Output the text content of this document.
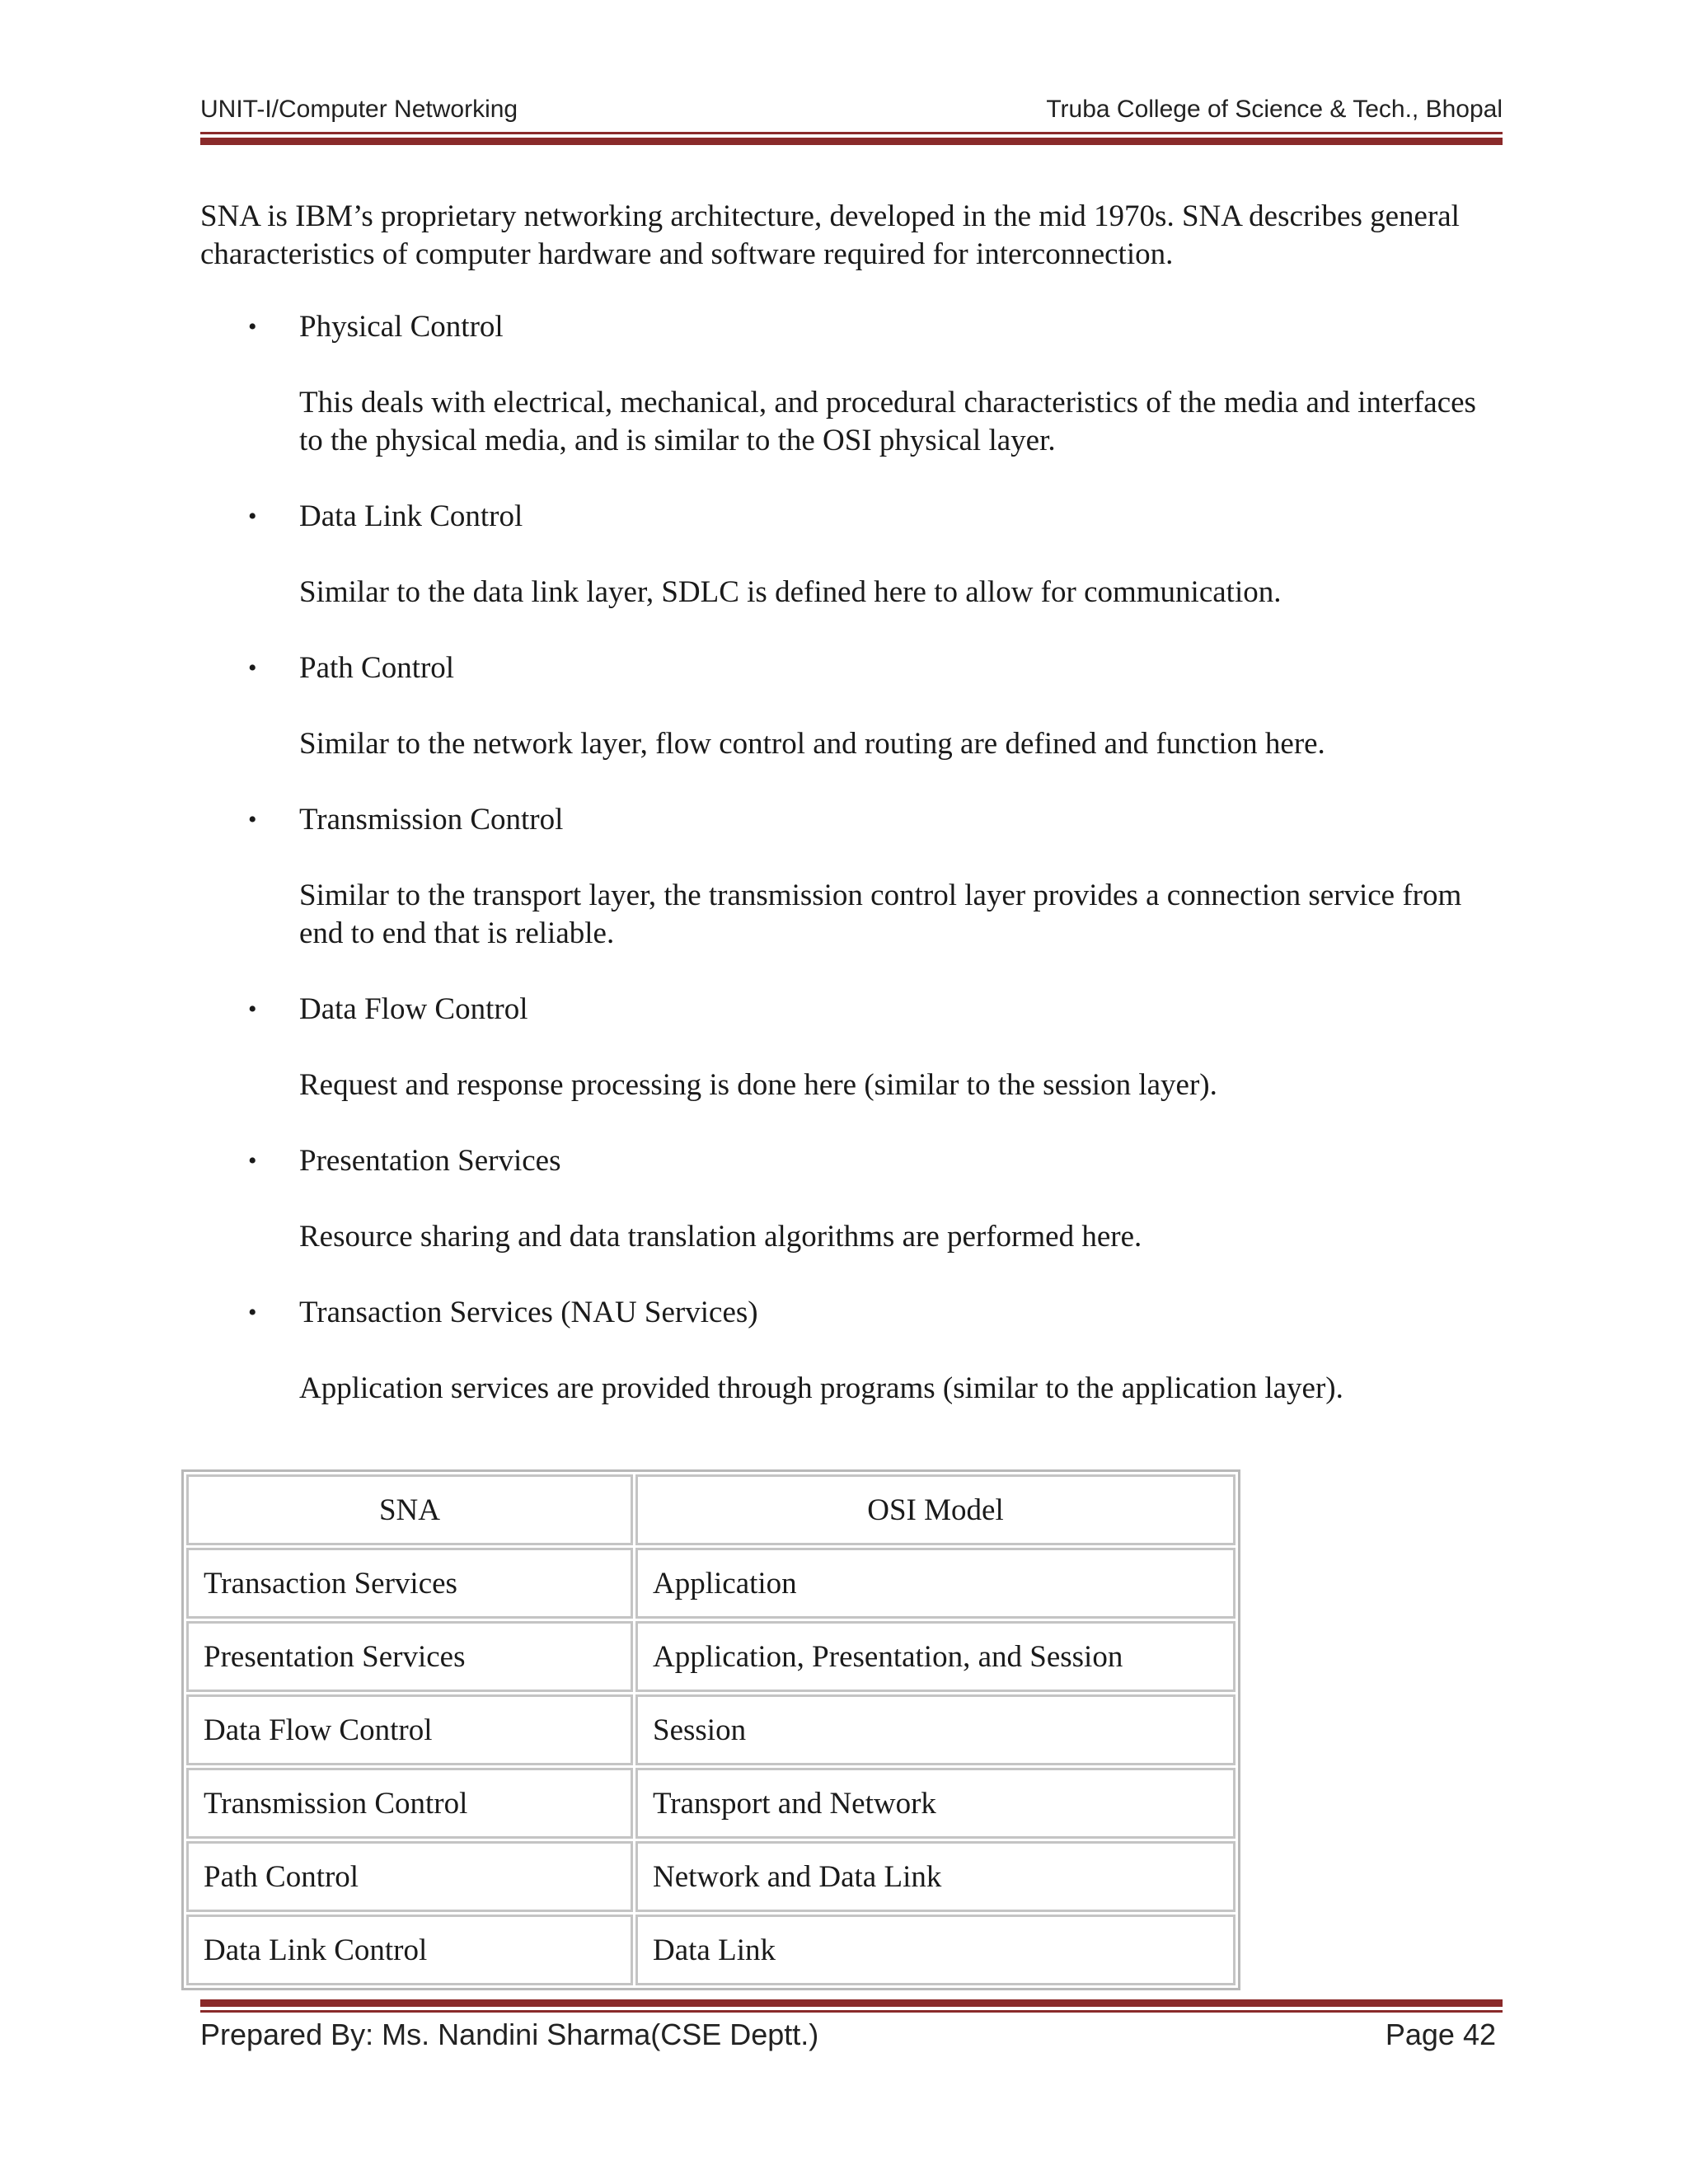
UNIT-I/Computer Networking	Truba College of Science & Tech., Bhopal

SNA is IBM’s proprietary networking architecture, developed in the mid 1970s. SNA describes general characteristics of computer hardware and software required for interconnection.

• Physical Control
This deals with electrical, mechanical, and procedural characteristics of the media and interfaces to the physical media, and is similar to the OSI physical layer.
• Data Link Control
Similar to the data link layer, SDLC is defined here to allow for communication.
• Path Control
Similar to the network layer, flow control and routing are defined and function here.
• Transmission Control
Similar to the transport layer, the transmission control layer provides a connection service from end to end that is reliable.
• Data Flow Control
Request and response processing is done here (similar to the session layer).
• Presentation Services
Resource sharing and data translation algorithms are performed here.
• Transaction Services (NAU Services)
Application services are provided through programs (similar to the application layer).
SNA	OSI Model
Transaction Services	Application
Presentation Services	Application, Presentation, and Session
Data Flow Control	Session
Transmission Control	Transport and Network
Path Control	Network and Data Link
Data Link Control	Data Link
Prepared By: Ms. Nandini Sharma(CSE Deptt.)	Page 42
